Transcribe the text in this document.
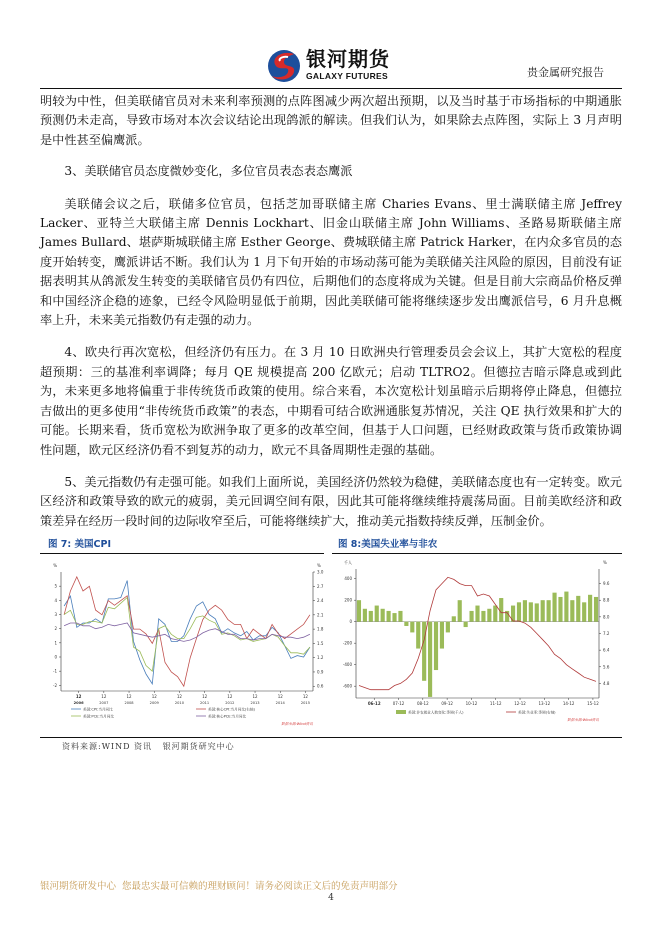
银河期货
GALAXY FUTURES	贵金属研究报告

明较为中性，但美联储官员对未来利率预测的点阵图减少两次超出预期，以及当时基于市场指标的中期通胀预测仍未走高，导致市场对本次会议结论出现鸽派的解读。但我们认为，如果除去点阵图，实际上 3 月声明是中性甚至偏鹰派。

3、美联储官员态度微妙变化，多位官员表态表态鹰派

美联储会议之后，联储多位官员，包括芝加哥联储主席 Charies Evans、里士满联储主席 Jeffrey Lacker、亚特兰大联储主席 Dennis Lockhart、旧金山联储主席 John Williams、圣路易斯联储主席 James Bullard、堪萨斯城联储主席 Esther George、费城联储主席 Patrick Harker，在内众多官员的态度开始转变，鹰派讲话不断。我们认为 1 月下旬开始的市场动荡可能为美联储关注风险的原因，目前没有证据表明其从鸽派发生转变的美联储官员仍有四位，后期他们的态度将成为关键。但是目前大宗商品价格反弹和中国经济企稳的迹象，已经令风险明显低于前期，因此美联储可能将继续逐步发出鹰派信号，6 月升息概率上升，未来美元指数仍有走强的动力。

4、欧央行再次宽松，但经济仍有压力。在 3 月 10 日欧洲央行管理委员会会议上，其扩大宽松的程度超预期：三的基准利率调降；每月 QE 规模提高 200 亿欧元；启动 TLTRO2。但德拉吉暗示降息或到此为，未来更多地将偏重于非传统货币政策的使用。综合来看，本次宽松计划虽暗示后期将停止降息，但德拉吉做出的更多使用“非传统货币政策”的表态，中期看可结合欧洲通胀复苏情况，关注 QE 执行效果和扩大的可能。长期来看，货币宽松为欧洲争取了更多的改革空间，但基于人口问题，已经财政政策与货币政策协调性问题，欧元区经济仍看不到复苏的动力，欧元不具备周期性走强的基础。

5、美元指数仍有走强可能。如我们上面所说，美国经济仍然较为稳健，美联储态度也有一定转变。欧元区经济和政策导致的欧元的疲弱，美元回调空间有限，因此其可能将继续维持震荡局面。目前美欧经济和政策差异在经历一段时间的边际收窄至后，可能将继续扩大，推动美元指数持续反弹，压制金价。

图 7: 美国CPI	图 8:美国失业率与非农
-2
-1
0
1
2
3
4
5
0.6
0.9
1.2
1.5
1.8
2.1
2.4
2.7
3.0
%	%
12
2006
12
2007
12
2008
12
2009
12
2010
12
2011
12
2012
12
2013
12
2014
12
2015
美国:CPI:当月同比	美国:核心CPI:当月同比(右轴)
美国:PCE:当月同比	美国:核心PCE:当月同比
数据来源:Wind资讯
-600
-400
-200
0
200
400
4.8
5.6
6.4
7.2
8.0
8.8
9.6
千人	%
06-12	07-12	08-12	09-12	10-12	11-12	12-12	13-12	14-12	15-12
美国:非农就业人数变化:季调(千人)	美国:失业率:季调(右轴)
数据来源:Wind资讯
资料来源:WIND 资讯   银河期货研究中心
银河期货研发中心  您最忠实最可信赖的理财顾问！请务必阅读正文后的免责声明部分
4
